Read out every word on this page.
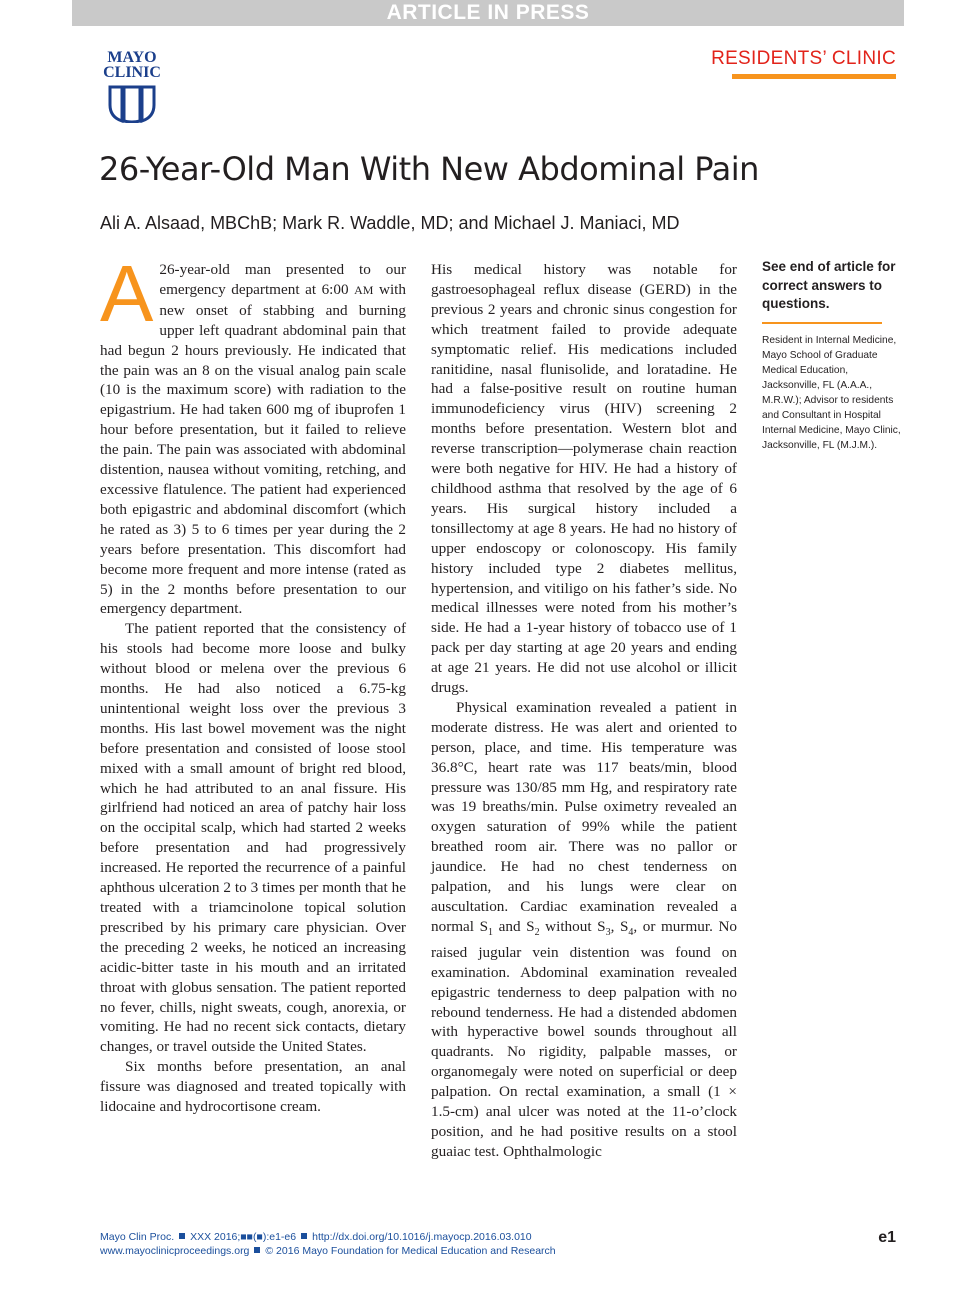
ARTICLE IN PRESS
MAYO
CLINIC
RESIDENTS’ CLINIC
26-Year-Old Man With New Abdominal Pain
Ali A. Alsaad, MBChB; Mark R. Waddle, MD; and Michael J. Maniaci, MD

A 26-year-old man presented to our emergency department at 6:00 AM with new onset of stabbing and burning upper left quadrant abdominal pain that had begun 2 hours previously. He indicated that the pain was an 8 on the visual analog pain scale (10 is the maximum score) with radiation to the epigastrium. He had taken 600 mg of ibuprofen 1 hour before presentation, but it failed to relieve the pain. The pain was associated with abdominal distention, nausea without vomiting, retching, and excessive flatulence. The patient had experienced both epigastric and abdominal discomfort (which he rated as 3) 5 to 6 times per year during the 2 years before presentation. This discomfort had become more frequent and more intense (rated as 5) in the 2 months before presentation to our emergency department.

The patient reported that the consistency of his stools had become more loose and bulky without blood or melena over the previous 6 months. He had also noticed a 6.75-kg unintentional weight loss over the previous 3 months. His last bowel movement was the night before presentation and consisted of loose stool mixed with a small amount of bright red blood, which he had attributed to an anal fissure. His girlfriend had noticed an area of patchy hair loss on the occipital scalp, which had started 2 weeks before presentation and had progressively increased. He reported the recurrence of a painful aphthous ulceration 2 to 3 times per month that he treated with a triamcinolone topical solution prescribed by his primary care physician. Over the preceding 2 weeks, he noticed an increasing acidic-bitter taste in his mouth and an irritated throat with globus sensation. The patient reported no fever, chills, night sweats, cough, anorexia, or vomiting. He had no recent sick contacts, dietary changes, or travel outside the United States.

Six months before presentation, an anal fissure was diagnosed and treated topically with lidocaine and hydrocortisone cream.

His medical history was notable for gastroesophageal reflux disease (GERD) in the previous 2 years and chronic sinus congestion for which treatment failed to provide adequate symptomatic relief. His medications included ranitidine, nasal flunisolide, and loratadine. He had a false-positive result on routine human immunodeficiency virus (HIV) screening 2 months before presentation. Western blot and reverse transcription—polymerase chain reaction were both negative for HIV. He had a history of childhood asthma that resolved by the age of 6 years. His surgical history included a tonsillectomy at age 8 years. He had no history of upper endoscopy or colonoscopy. His family history included type 2 diabetes mellitus, hypertension, and vitiligo on his father’s side. No medical illnesses were noted from his mother’s side. He had a 1-year history of tobacco use of 1 pack per day starting at age 20 years and ending at age 21 years. He did not use alcohol or illicit drugs.

Physical examination revealed a patient in moderate distress. He was alert and oriented to person, place, and time. His temperature was 36.8°C, heart rate was 117 beats/min, blood pressure was 130/85 mm Hg, and respiratory rate was 19 breaths/min. Pulse oximetry revealed an oxygen saturation of 99% while the patient breathed room air. There was no pallor or jaundice. He had no chest tenderness on palpation, and his lungs were clear on auscultation. Cardiac examination revealed a normal $S_1$ and $S_2$ without $S_3$, $S_4$, or murmur. No raised jugular vein distention was found on examination. Abdominal examination revealed epigastric tenderness to deep palpation with no rebound tenderness. He had a distended abdomen with hyperactive bowel sounds throughout all quadrants. No rigidity, palpable masses, or organomegaly were noted on superficial or deep palpation. On rectal examination, a small (1 × 1.5-cm) anal ulcer was noted at the 11-o’clock position, and he had positive results on a stool guaiac test. Ophthalmologic

See end of article for correct answers to questions.
Resident in Internal Medicine, Mayo School of Graduate Medical Education, Jacksonville, FL (A.A.A., M.R.W.); Advisor to residents and Consultant in Hospital Internal Medicine, Mayo Clinic, Jacksonville, FL (M.J.M.).
Mayo Clin Proc. XXX 2016;■■(■):e1-e6 http://dx.doi.org/10.1016/j.mayocp.2016.03.010
www.mayoclinicproceedings.org © 2016 Mayo Foundation for Medical Education and Research
e1
